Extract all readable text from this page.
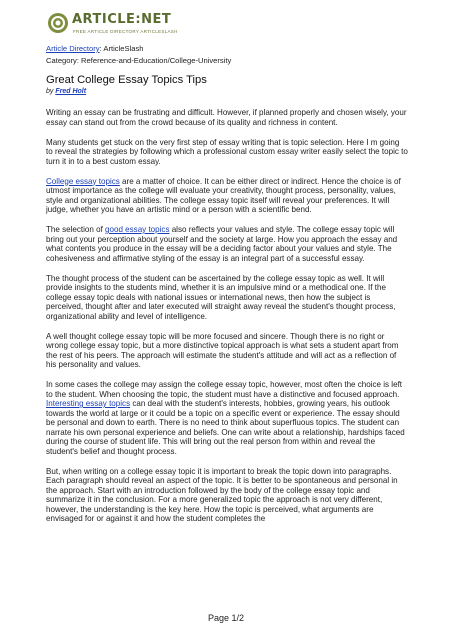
ARTICLE:NET
FREE ARTICLE DIRECTORY ARTICLESLASH
Article Directory: ArticleSlash
Category: Reference-and-Education/College-University
Great College Essay Topics Tips
by Fred Holt

Writing an essay can be frustrating and difficult. However, if planned properly and chosen wisely, your essay can stand out from the crowd because of its quality and richness in content.

Many students get stuck on the very first step of essay writing that is topic selection. Here I m going to reveal the strategies by following which a professional custom essay writer easily select the topic to turn it in to a best custom essay.

College essay topics are a matter of choice. It can be either direct or indirect. Hence the choice is of utmost importance as the college will evaluate your creativity, thought process, personality, values, style and organizational abilities. The college essay topic itself will reveal your preferences. It will judge, whether you have an artistic mind or a person with a scientific bend.

The selection of good essay topics also reflects your values and style. The college essay topic will bring out your perception about yourself and the society at large. How you approach the essay and what contents you produce in the essay will be a deciding factor about your values and style. The cohesiveness and affirmative styling of the essay is an integral part of a successful essay.

The thought process of the student can be ascertained by the college essay topic as well. It will provide insights to the students mind, whether it is an impulsive mind or a methodical one. If the college essay topic deals with national issues or international news, then how the subject is perceived, thought after and later executed will straight away reveal the student's thought process, organizational ability and level of intelligence.

A well thought college essay topic will be more focused and sincere. Though there is no right or wrong college essay topic, but a more distinctive topical approach is what sets a student apart from the rest of his peers. The approach will estimate the student's attitude and will act as a reflection of his personality and values.

In some cases the college may assign the college essay topic, however, most often the choice is left to the student. When choosing the topic, the student must have a distinctive and focused approach. Interesting essay topics can deal with the student's interests, hobbies, growing years, his outlook towards the world at large or it could be a topic on a specific event or experience. The essay should be personal and down to earth. There is no need to think about superfluous topics. The student can narrate his own personal experience and beliefs. One can write about a relationship, hardships faced during the course of student life. This will bring out the real person from within and reveal the student's belief and thought process.

But, when writing on a college essay topic it is important to break the topic down into paragraphs. Each paragraph should reveal an aspect of the topic. It is better to be spontaneous and personal in the approach. Start with an introduction followed by the body of the college essay topic and summarize it in the conclusion. For a more generalized topic the approach is not very different, however, the understanding is the key here. How the topic is perceived, what arguments are envisaged for or against it and how the student completes the

Page 1/2
